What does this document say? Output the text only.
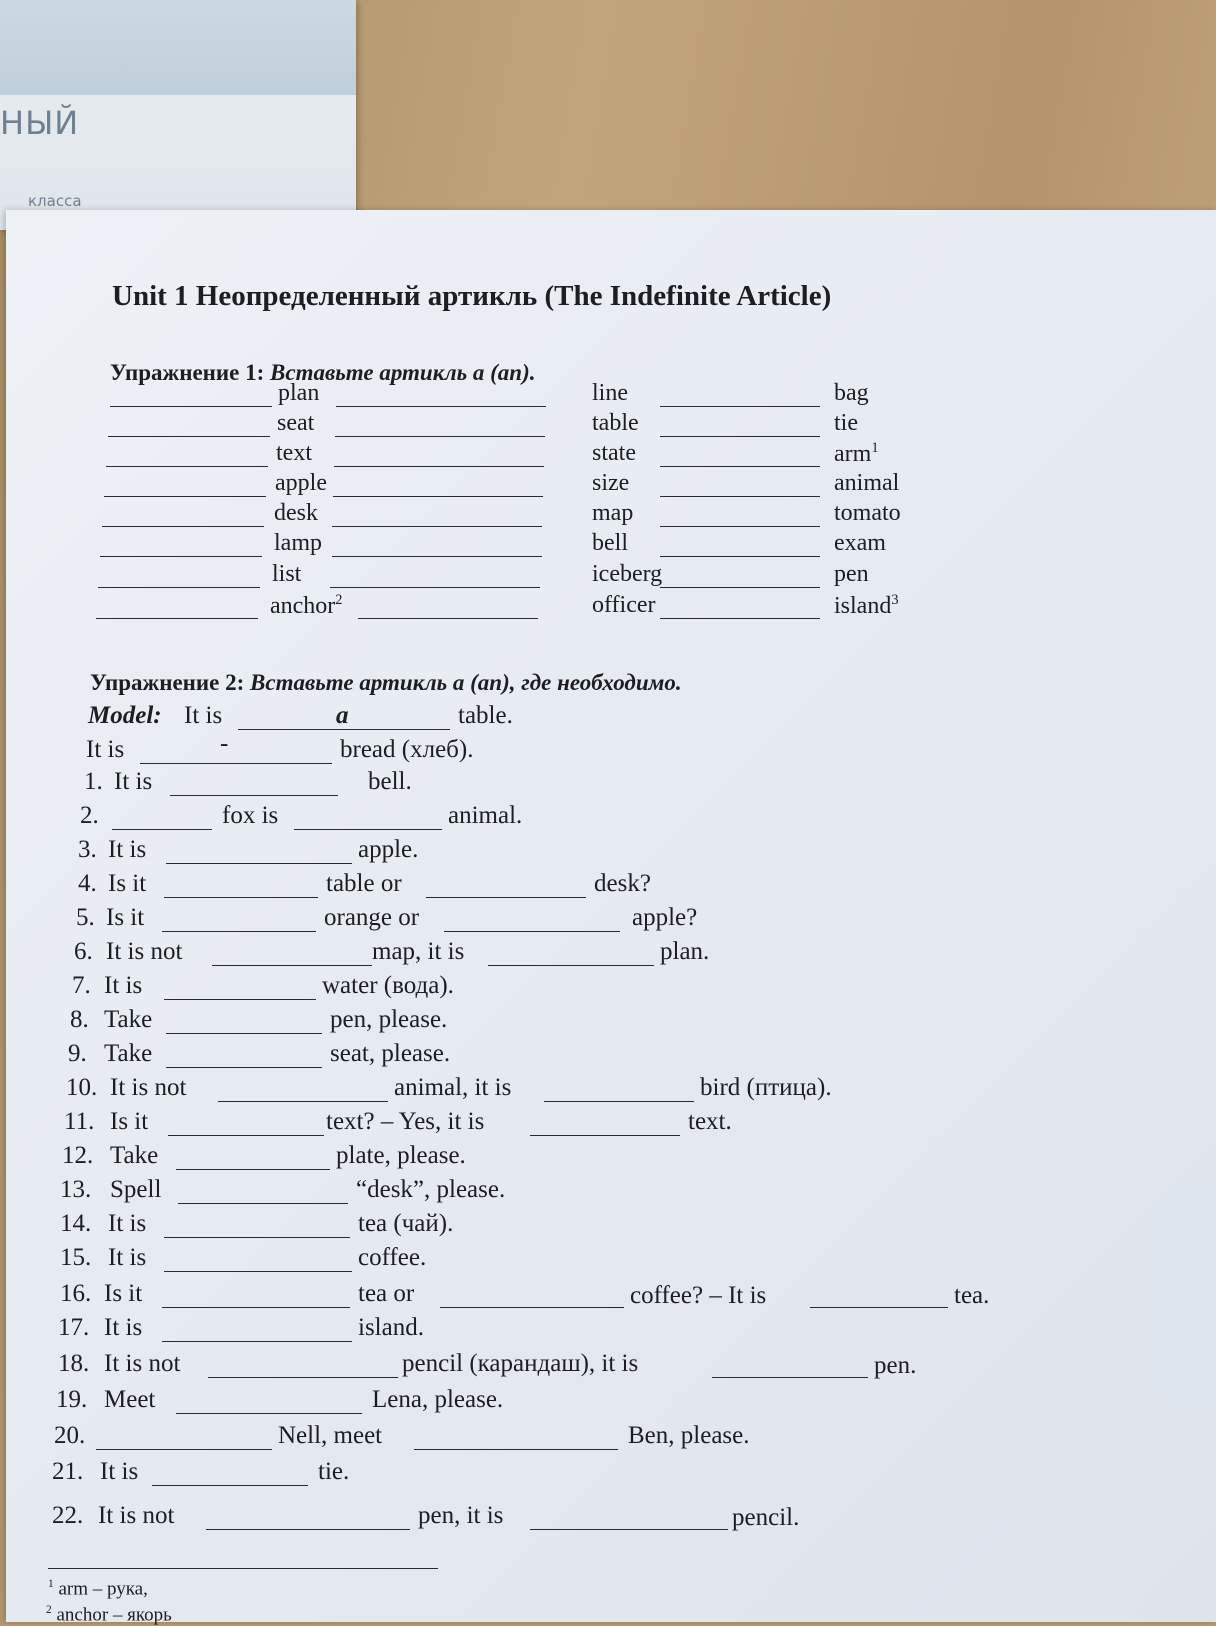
НЫЙ
класса
Unit 1 Неопределенный артикль (The Indefinite Article)
Упражнение 1: Вставьте артикль a (an).
Упражнение 2: Вставьте артикль a (an), где необходимо.
plan	line	bag
seat	table	tie
text	state	arm$^1$
apple	size	animal
desk	map	tomato
lamp	bell	exam
list	iceberg	pen
anchor$^2$	officer	island$^3$
Model: It is	a	table.
It is	-	bread (хлеб).
1. It is	bell.
2.	fox is	animal.
3. It is	apple.
4. Is it	table or	desk?
5. Is it	orange or	apple?
6. It is not	map, it is	plan.
7. It is	water (вода).
8. Take	pen, please.
9. Take	seat, please.
10. It is not	animal, it is	bird (птица).
11. Is it	text? – Yes, it is	text.
12. Take	plate, please.
13. Spell	“desk”, please.
14. It is	tea (чай).
15. It is	coffee.
16. Is it	tea or	coffee? – It is	tea.
17. It is	island.
18. It is not	pencil (карандаш), it is	pen.
19. Meet	Lena, please.
20.	Nell, meet	Ben, please.
21. It is	tie.
22. It is not	pen, it is	pencil.
$^1$ arm – рука,
$^2$ anchor – якорь
